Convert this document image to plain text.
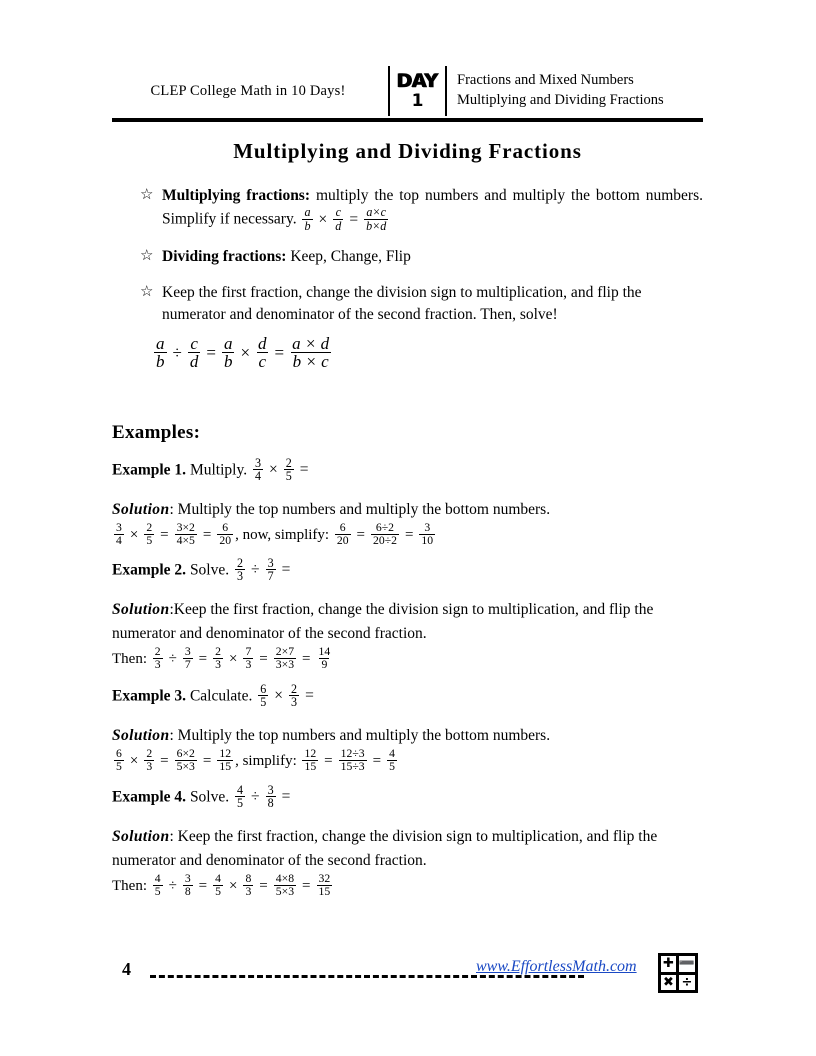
CLEP College Math in 10 Days!	DAY
1
Fractions and Mixed Numbers
Multiplying and Dividing Fractions
Multiplying and Dividing Fractions
☆ Multiplying fractions: multiply the top numbers and multiply the bottom numbers. Simplify if necessary. $\frac{a}{b} \times \frac{c}{d} = \frac{a\times c}{b\times d}$

☆ Dividing fractions: Keep, Change, Flip

☆ Keep the first fraction, change the division sign to multiplication, and flip the numerator and denominator of the second fraction. Then, solve!

$\frac{a}{b} \div \frac{c}{d} = \frac{a}{b} \times \frac{d}{c} = \frac{a \times d}{b \times c}$
Examples:
Example 1. Multiply. $\frac{3}{4} \times \frac{2}{5}$ =
Solution: Multiply the top numbers and multiply the bottom numbers.
$\frac{3}{4} \times \frac{2}{5} = \frac{3\times 2}{4\times 5} = \frac{6}{20}$ , now, simplify: $\frac{6}{20} = \frac{6\div 2}{20\div 2} = \frac{3}{10}$
Example 2. Solve. $\frac{2}{3} \div \frac{3}{7}$ =
Solution:Keep the first fraction, change the division sign to multiplication, and flip the numerator and denominator of the second fraction.
Then: $\frac{2}{3} \div \frac{3}{7} = \frac{2}{3} \times \frac{7}{3} = \frac{2\times 7}{3\times 3} = \frac{14}{9}$
Example 3. Calculate. $\frac{6}{5} \times \frac{2}{3}$ =
Solution: Multiply the top numbers and multiply the bottom numbers.
$\frac{6}{5} \times \frac{2}{3} = \frac{6\times 2}{5\times 3} = \frac{12}{15}$ , simplify: $\frac{12}{15} = \frac{12\div 3}{15\div 3} = \frac{4}{5}$
Example 4. Solve. $\frac{4}{5} \div \frac{3}{8}$ =
Solution: Keep the first fraction, change the division sign to multiplication, and flip the numerator and denominator of the second fraction.
Then: $\frac{4}{5} \div \frac{3}{8} = \frac{4}{5} \times \frac{8}{3} = \frac{4\times 8}{5\times 3} = \frac{32}{15}$
4	www.EffortlessMath.com ✚ ➖
✖ ÷
